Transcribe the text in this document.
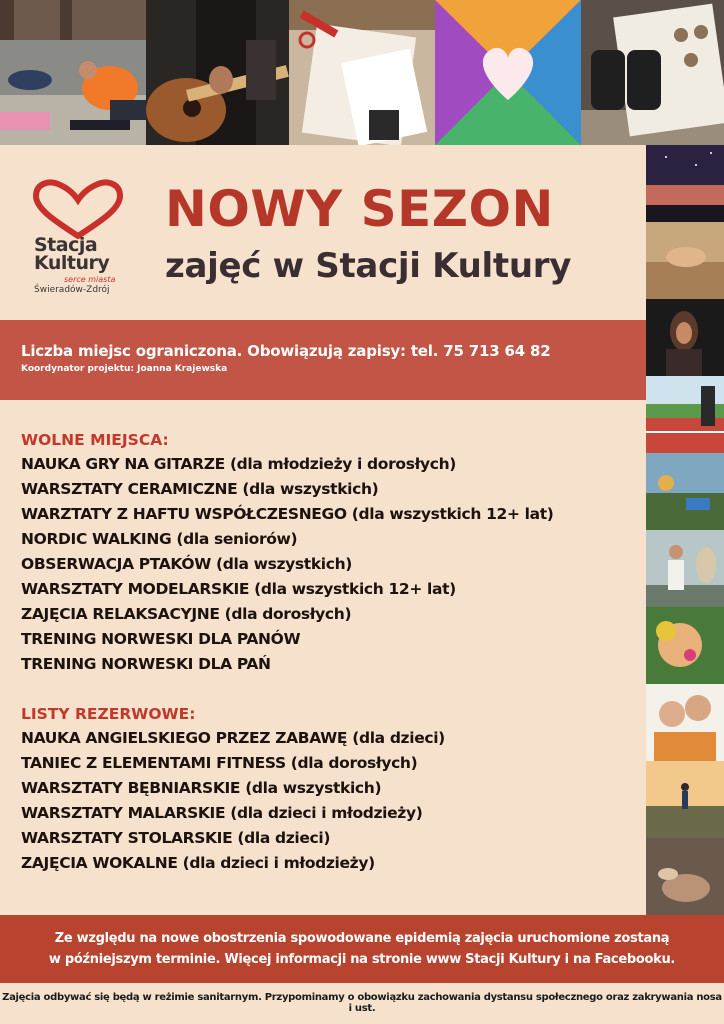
Stacja
Kultury
serce miasta
Świeradów-Zdrój
NOWY SEZON
zajęć w Stacji Kultury
Liczba miejsc ograniczona. Obowiązują zapisy: tel. 75 713 64 82
Koordynator projektu: Joanna Krajewska
WOLNE MIEJSCA:
NAUKA GRY NA GITARZE (dla młodzieży i dorosłych)
WARSZTATY CERAMICZNE (dla wszystkich)
WARZTATY Z HAFTU WSPÓŁCZESNEGO (dla wszystkich 12+ lat)
NORDIC WALKING (dla seniorów)
OBSERWACJA PTAKÓW (dla wszystkich)
WARSZTATY MODELARSKIE (dla wszystkich 12+ lat)
ZAJĘCIA RELAKSACYJNE (dla dorosłych)
TRENING NORWESKI DLA PANÓW
TRENING NORWESKI DLA PAŃ
LISTY REZERWOWE:
NAUKA ANGIELSKIEGO PRZEZ ZABAWĘ (dla dzieci)
TANIEC Z ELEMENTAMI FITNESS (dla dorosłych)
WARSZTATY BĘBNIARSKIE (dla wszystkich)
WARSZTATY MALARSKIE (dla dzieci i młodzieży)
WARSZTATY STOLARSKIE (dla dzieci)
ZAJĘCIA WOKALNE (dla dzieci i młodzieży)
Ze względu na nowe obostrzenia spowodowane epidemią zajęcia uruchomione zostaną
w późniejszym terminie. Więcej informacji na stronie www Stacji Kultury i na Facebooku.
Zajęcia odbywać się będą w reżimie sanitarnym. Przypominamy o obowiązku zachowania dystansu społecznego oraz zakrywania nosa i ust.
